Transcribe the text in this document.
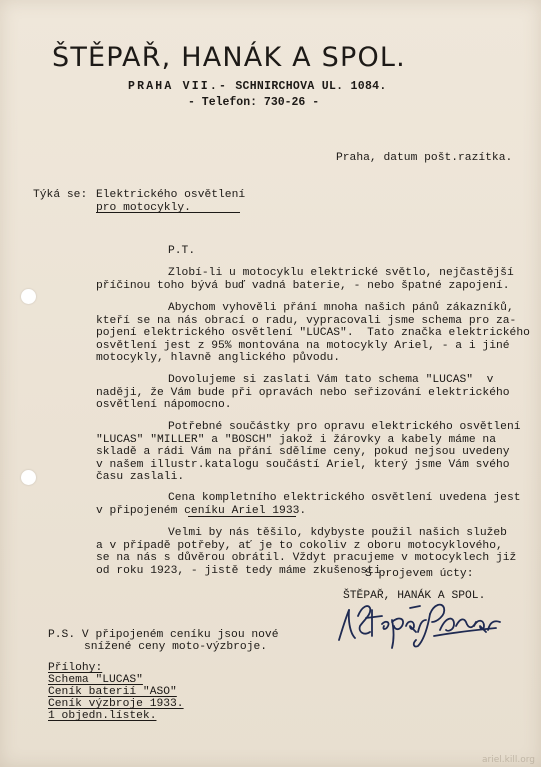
ŠTĚPAŘ, HANÁK A SPOL.
PRAHA VII.- SCHNIRCHOVA UL. 1084.
- Telefon: 730-26 -
Praha, datum pošt.razítka.
Týká se: Elektrického osvětlení
pro motocykly.
P.T.
Zlobí-li u motocyklu elektrické světlo, nejčastější
příčinou toho bývá buď vadná baterie, - nebo špatné zapojení.
Abychom vyhověli přání mnoha našich pánů zákazníků,
kteří se na nás obrací o radu, vypracovali jsme schema pro za-
pojení elektrického osvětlení "LUCAS".  Tato značka elektrického
osvětlení jest z 95% montována na motocykly Ariel, - a i jiné
motocykly, hlavně anglického původu.
Dovolujeme si zaslati Vám tato schema "LUCAS"  v
naději, že Vám bude při opravách nebo seřizování elektrického
osvětlení nápomocno.
Potřebné součástky pro opravu elektrického osvětlení
"LUCAS" "MILLER" a "BOSCH" jakož i žárovky a kabely máme na
skladě a rádi Vám na přání sdělíme ceny, pokud nejsou uvedeny
v našem illustr.katalogu součástí Ariel, který jsme Vám svého
času zaslali.
Cena kompletního elektrického osvětlení uvedena jest
v připojeném ceníku Ariel 1933.
Velmi by nás těšilo, kdybyste použil našich služeb
a v případě potřeby, ať je to cokoliv z oboru motocyklového,
se na nás s důvěrou obrátil. Vždyt pracujeme v motocyklech již
od roku 1923, - jistě tedy máme zkušenosti.
S projevem úcty:
ŠTĚPAŘ, HANÁK A SPOL.
P.S. V připojeném ceníku jsou nové
snížené ceny moto-výzbroje.
Přílohy:
Schema "LUCAS"
Ceník baterií "ASO"
Ceník výzbroje 1933.
1 objedn.lístek.
ariel.kill.org
